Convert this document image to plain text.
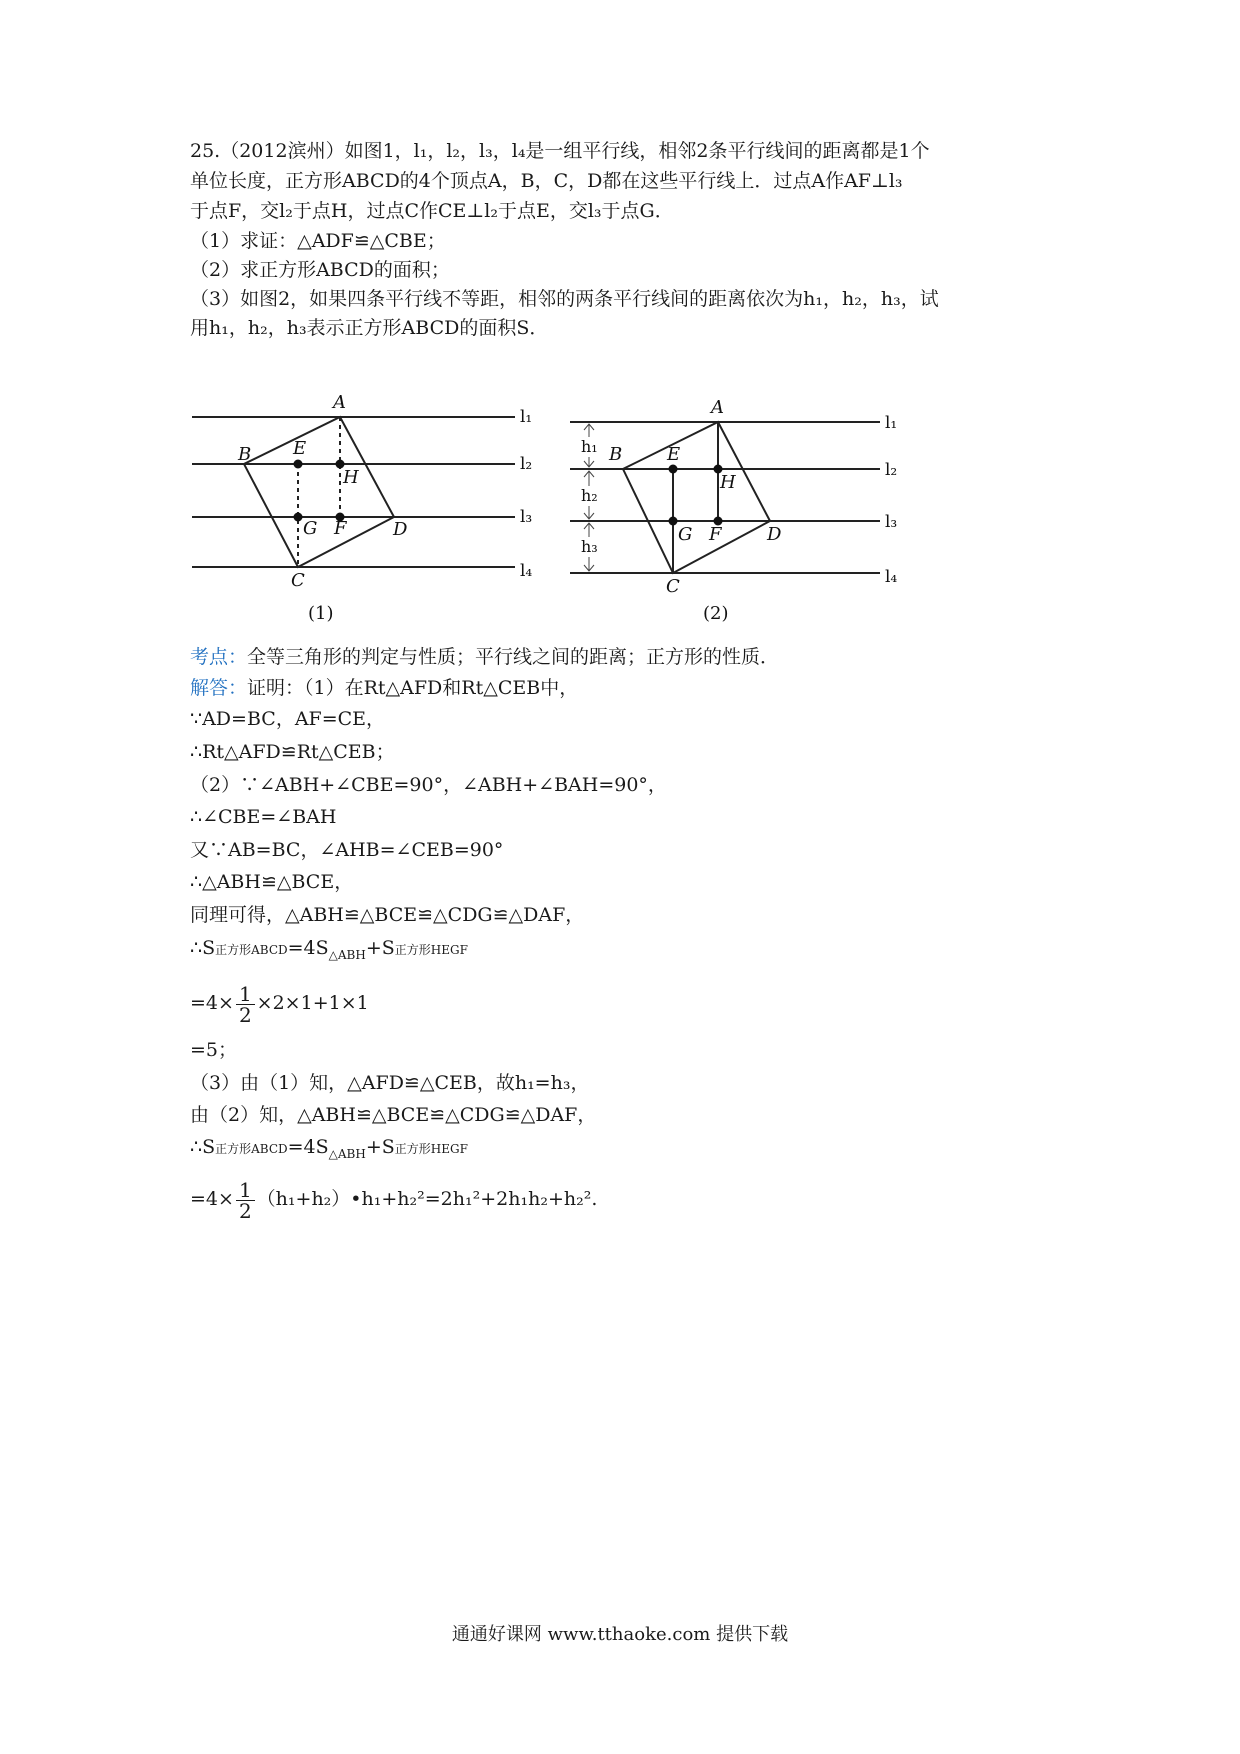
25.（2012滨州）如图1，l₁，l₂，l₃，l₄是一组平行线，相邻2条平行线间的距离都是1个
单位长度，正方形ABCD的4个顶点A，B，C，D都在这些平行线上．过点A作AF⊥l₃
于点F，交l₂于点H，过点C作CE⊥l₂于点E，交l₃于点G．
（1）求证：△ADF≌△CBE；
（2）求正方形ABCD的面积；
（3）如图2，如果四条平行线不等距，相邻的两条平行线间的距离依次为h₁，h₂，h₃，试
用h₁，h₂，h₃表示正方形ABCD的面积S．
A
B
C
D
E
H
G F
l₁
l₂
l₃
l₄
(1)
h₁
h₂
h₃
A
B
C
D
E
H
G F
l₁
l₂
l₃
l₄
(2)
考点：全等三角形的判定与性质；平行线之间的距离；正方形的性质．
解答：证明：（1）在Rt△AFD和Rt△CEB中，
∵AD=BC，AF=CE，
∴Rt△AFD≌Rt△CEB；
（2）∵∠ABH+∠CBE=90°，∠ABH+∠BAH=90°，
∴∠CBE=∠BAH
又∵AB=BC，∠AHB=∠CEB=90°
∴△ABH≌△BCE，
同理可得，△ABH≌△BCE≌△CDG≌△DAF，
∴S正方形$ABCD=4S_{\triangle ABH}+S$正方形HEGF
$=4\times \frac{1}{2} \times 2\times 1+1\times 1$
=5；
（3）由（1）知，△AFD≌△CEB，故h₁=h₃，
由（2）知，△ABH≌△BCE≌△CDG≌△DAF，
∴S正方形$ABCD=4S_{\triangle ABH}+S$正方形HEGF
$=4\times \frac{1}{2}$ （h₁+h₂）•h₁+h₂²=2h₁²+2h₁h₂+h₂².
通通好课网 www.tthaoke.com 提供下载
